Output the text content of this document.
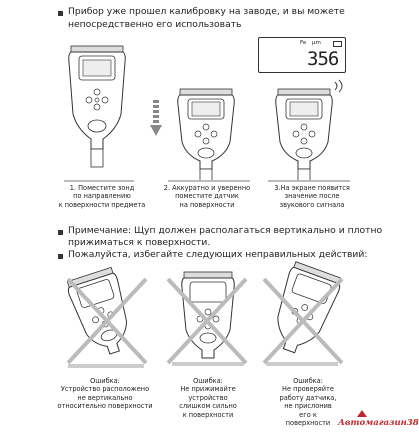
Прибор уже прошел калибровку на заводе, и вы можете
непосредственно его использовать
Fe μm
356
1. Поместите зонд
по направлению
к поверхности предмета
2. Аккуратно и уверенно
поместите датчик
на поверхности
3.На экране появится
значение после
звукового сигнала
Примечание: Щуп должен располагаться вертикально и плотно
прижиматься к поверхности.
Пожалуйста, избегайте следующих неправильных действий:
Ошибка:
Устройство расположено
не вертикально
относительно поверхности
Ошибка:
Не прижимайте
устройство
слишком сильно
к поверхности
Ошибка:
Не проверяйте
работу датчика,
не прислонив
его к
поверхности Автомагазин38
